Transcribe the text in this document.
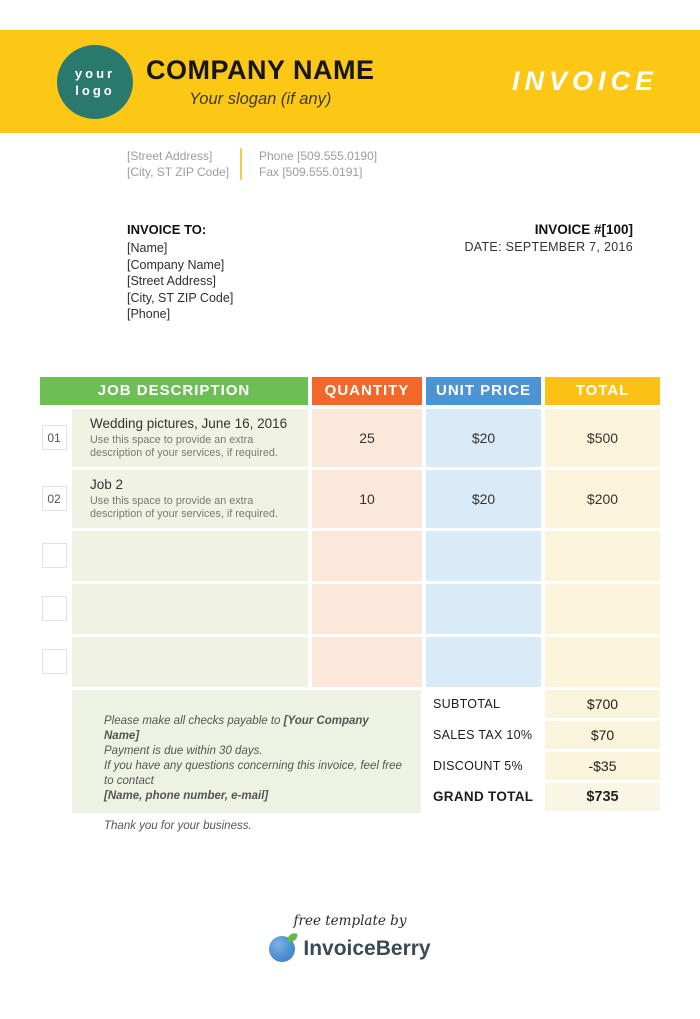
your
logo
COMPANY NAME
Your slogan (if any)
INVOICE
[Street Address]
[City, ST ZIP Code]
Phone [509.555.0190]
Fax [509.555.0191]
INVOICE TO:
[Name]
[Company Name]
[Street Address]
[City, ST ZIP Code]
[Phone]
INVOICE #[100]
DATE: SEPTEMBER 7, 2016
JOB DESCRIPTION	QUANTITY	UNIT PRICE	TOTAL
01
Wedding pictures, June 16, 2016
Use this space to provide an extra description of your services, if required.
25	$20	$500
02
Job 2
Use this space to provide an extra description of your services, if required.
10	$20	$200
Please make all checks payable to [Your Company Name]
Payment is due within 30 days.
If you have any questions concerning this invoice, feel free to contact
[Name, phone number, e-mail]
Thank you for your business.
SUBTOTAL	$700
SALES TAX 10%	$70
DISCOUNT 5%	-$35
GRAND TOTAL	$735
free template by
InvoiceBerry
